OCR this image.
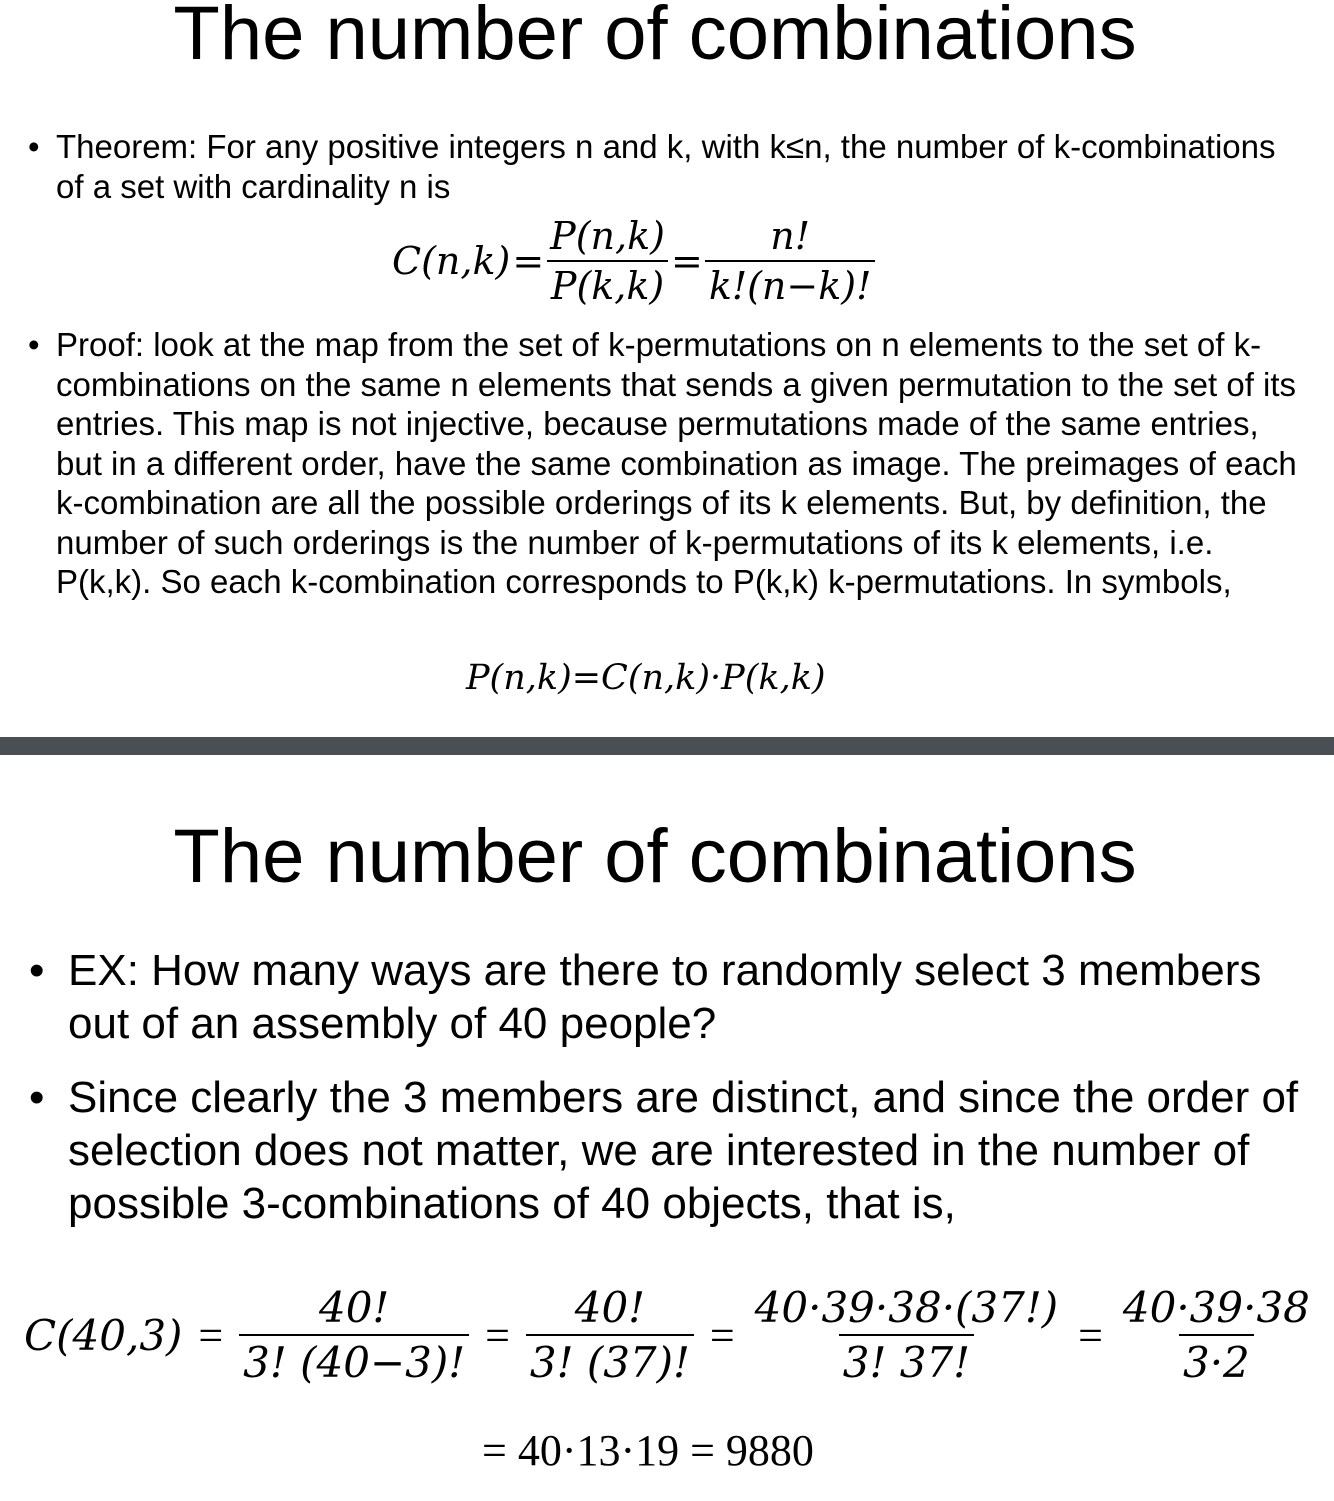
The number of combinations
• Theorem: For any positive integers n and k, with k≤n, the number of k-combinations of a set with cardinality n is
$C(n,k) = \frac{P(n,k)}{P(k,k)} = \frac{n!}{k!(n-k)!}$
• Proof: look at the map from the set of k-permutations on n elements to the set of k-combinations on the same n elements that sends a given permutation to the set of its entries. This map is not injective, because permutations made of the same entries, but in a different order, have the same combination as image. The preimages of each k-combination are all the possible orderings of its k elements. But, by definition, the number of such orderings is the number of k-permutations of its k elements, i.e. P(k,k). So each k-combination corresponds to P(k,k) k-permutations. In symbols,
P(n,k)=C(n,k)·P(k,k)
The number of combinations
• EX: How many ways are there to randomly select 3 members out of an assembly of 40 people?
• Since clearly the 3 members are distinct, and since the order of selection does not matter, we are interested in the number of possible 3-combinations of 40 objects, that is,
$C(40,3) = \frac{40!}{3! (40-3)!} = \frac{40!}{3! (37)!} = \frac{40\cdot 39\cdot 38\cdot(37!)}{3! 37!} = \frac{40\cdot 39\cdot 38}{3\cdot 2}$
= 40·13·19 = 9880
